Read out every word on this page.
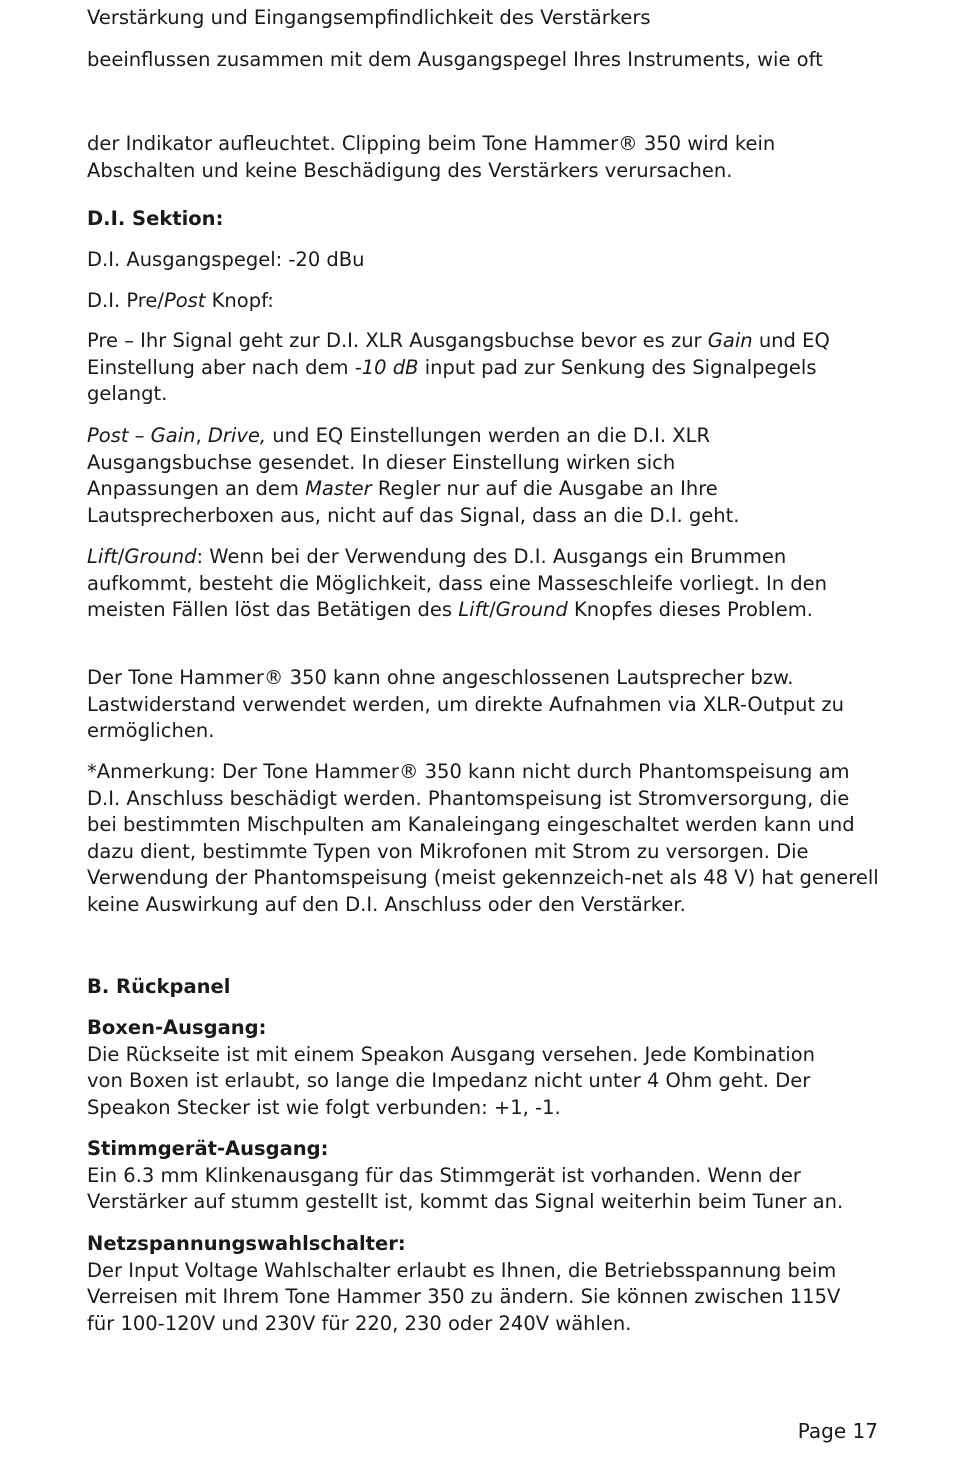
Verstärkung und Eingangsempfindlichkeit des Verstärkers

beeinflussen zusammen mit dem Ausgangspegel Ihres Instruments, wie oft

der Indikator aufleuchtet. Clipping beim Tone Hammer® 350 wird kein Abschalten und keine Beschädigung des Verstärkers verursachen.

D.I. Sektion:

D.I. Ausgangspegel: -20 dBu

D.I. Pre/Post Knopf:

Pre – Ihr Signal geht zur D.I. XLR Ausgangsbuchse bevor es zur Gain und EQ Einstellung aber nach dem -10 dB input pad zur Senkung des Signalpegels gelangt.

Post – Gain, Drive, und EQ Einstellungen werden an die D.I. XLR Ausgangsbuchse gesendet. In dieser Einstellung wirken sich Anpassungen an dem Master Regler nur auf die Ausgabe an Ihre Lautsprecherboxen aus, nicht auf das Signal, dass an die D.I. geht.

Lift/Ground: Wenn bei der Verwendung des D.I. Ausgangs ein Brummen aufkommt, besteht die Möglichkeit, dass eine Masseschleife vorliegt. In den meisten Fällen löst das Betätigen des Lift/Ground Knopfes dieses Problem.

Der Tone Hammer® 350 kann ohne angeschlossenen Lautsprecher bzw. Lastwiderstand verwendet werden, um direkte Aufnahmen via XLR-Output zu ermöglichen.

*Anmerkung: Der Tone Hammer® 350 kann nicht durch Phantomspeisung am D.I. Anschluss beschädigt werden. Phantomspeisung ist Stromversorgung, die bei bestimmten Mischpulten am Kanaleingang eingeschaltet werden kann und dazu dient, bestimmte Typen von Mikrofonen mit Strom zu versorgen. Die Verwendung der Phantomspeisung (meist gekennzeich-net als 48 V) hat generell keine Auswirkung auf den D.I. Anschluss oder den Verstärker.

B. Rückpanel

Boxen-Ausgang:

Die Rückseite ist mit einem Speakon Ausgang versehen. Jede Kombination von Boxen ist erlaubt, so lange die Impedanz nicht unter 4 Ohm geht. Der Speakon Stecker ist wie folgt verbunden: +1, -1.

Stimmgerät-Ausgang:

Ein 6.3 mm Klinkenausgang für das Stimmgerät ist vorhanden. Wenn der Verstärker auf stumm gestellt ist, kommt das Signal weiterhin beim Tuner an.

Netzspannungswahlschalter:

Der Input Voltage Wahlschalter erlaubt es Ihnen, die Betriebsspannung beim Verreisen mit Ihrem Tone Hammer 350 zu ändern. Sie können zwischen 115V für 100-120V und 230V für 220, 230 oder 240V wählen.

Page 17
